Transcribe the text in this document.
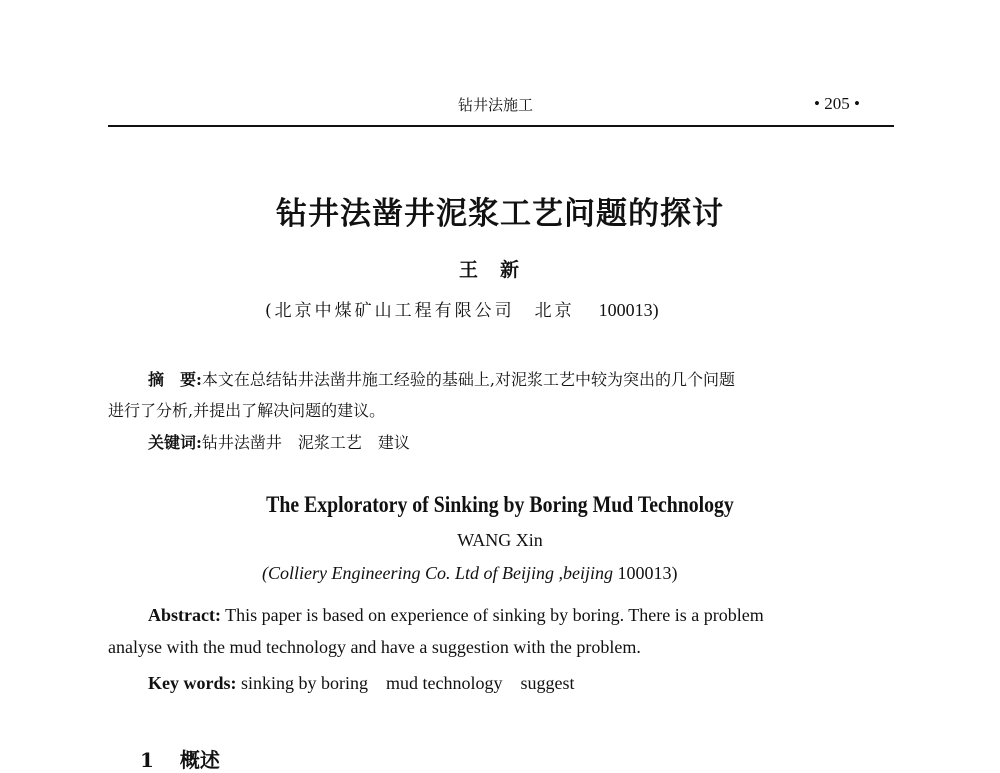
钻井法施工	• 205 •
钻井法凿井泥浆工艺问题的探讨
王新
(北京中煤矿山工程有限公司　北京 100013)
摘　要:本文在总结钻井法凿井施工经验的基础上,对泥浆工艺中较为突出的几个问题
进行了分析,并提出了解决问题的建议。
关键词:钻井法凿井　泥浆工艺　建议
The Exploratory of Sinking by Boring Mud Technology
WANG Xin
(Colliery Engineering Co. Ltd of Beijing ,beijing 100013)
Abstract: This paper is based on experience of sinking by boring. There is a problem
analyse with the mud technology and have a suggestion with the problem.
Key words: sinking by boring　mud technology　suggest
1 概述
